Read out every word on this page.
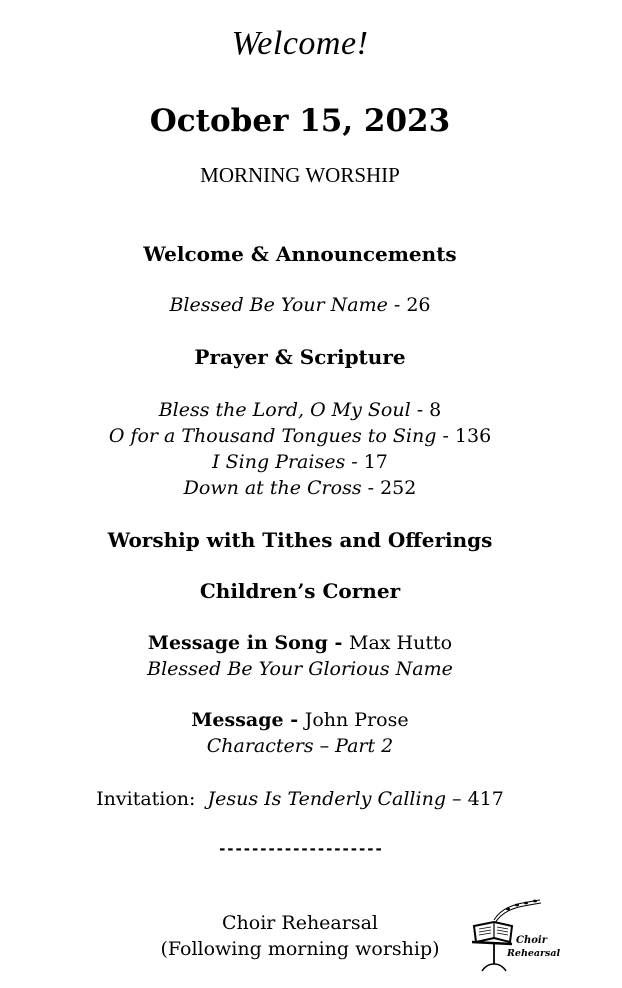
Welcome!
October 15, 2023
MORNING WORSHIP
Welcome & Announcements
Blessed Be Your Name - 26
Prayer & Scripture
Bless the Lord, O My Soul - 8
O for a Thousand Tongues to Sing - 136
I Sing Praises - 17
Down at the Cross - 252
Worship with Tithes and Offerings
Children’s Corner
Message in Song - Max Hutto
Blessed Be Your Glorious Name
Message - John Prose
Characters – Part 2
Invitation:  Jesus Is Tenderly Calling – 417
--------------------
Choir Rehearsal
(Following morning worship)	Choir
Rehearsal
